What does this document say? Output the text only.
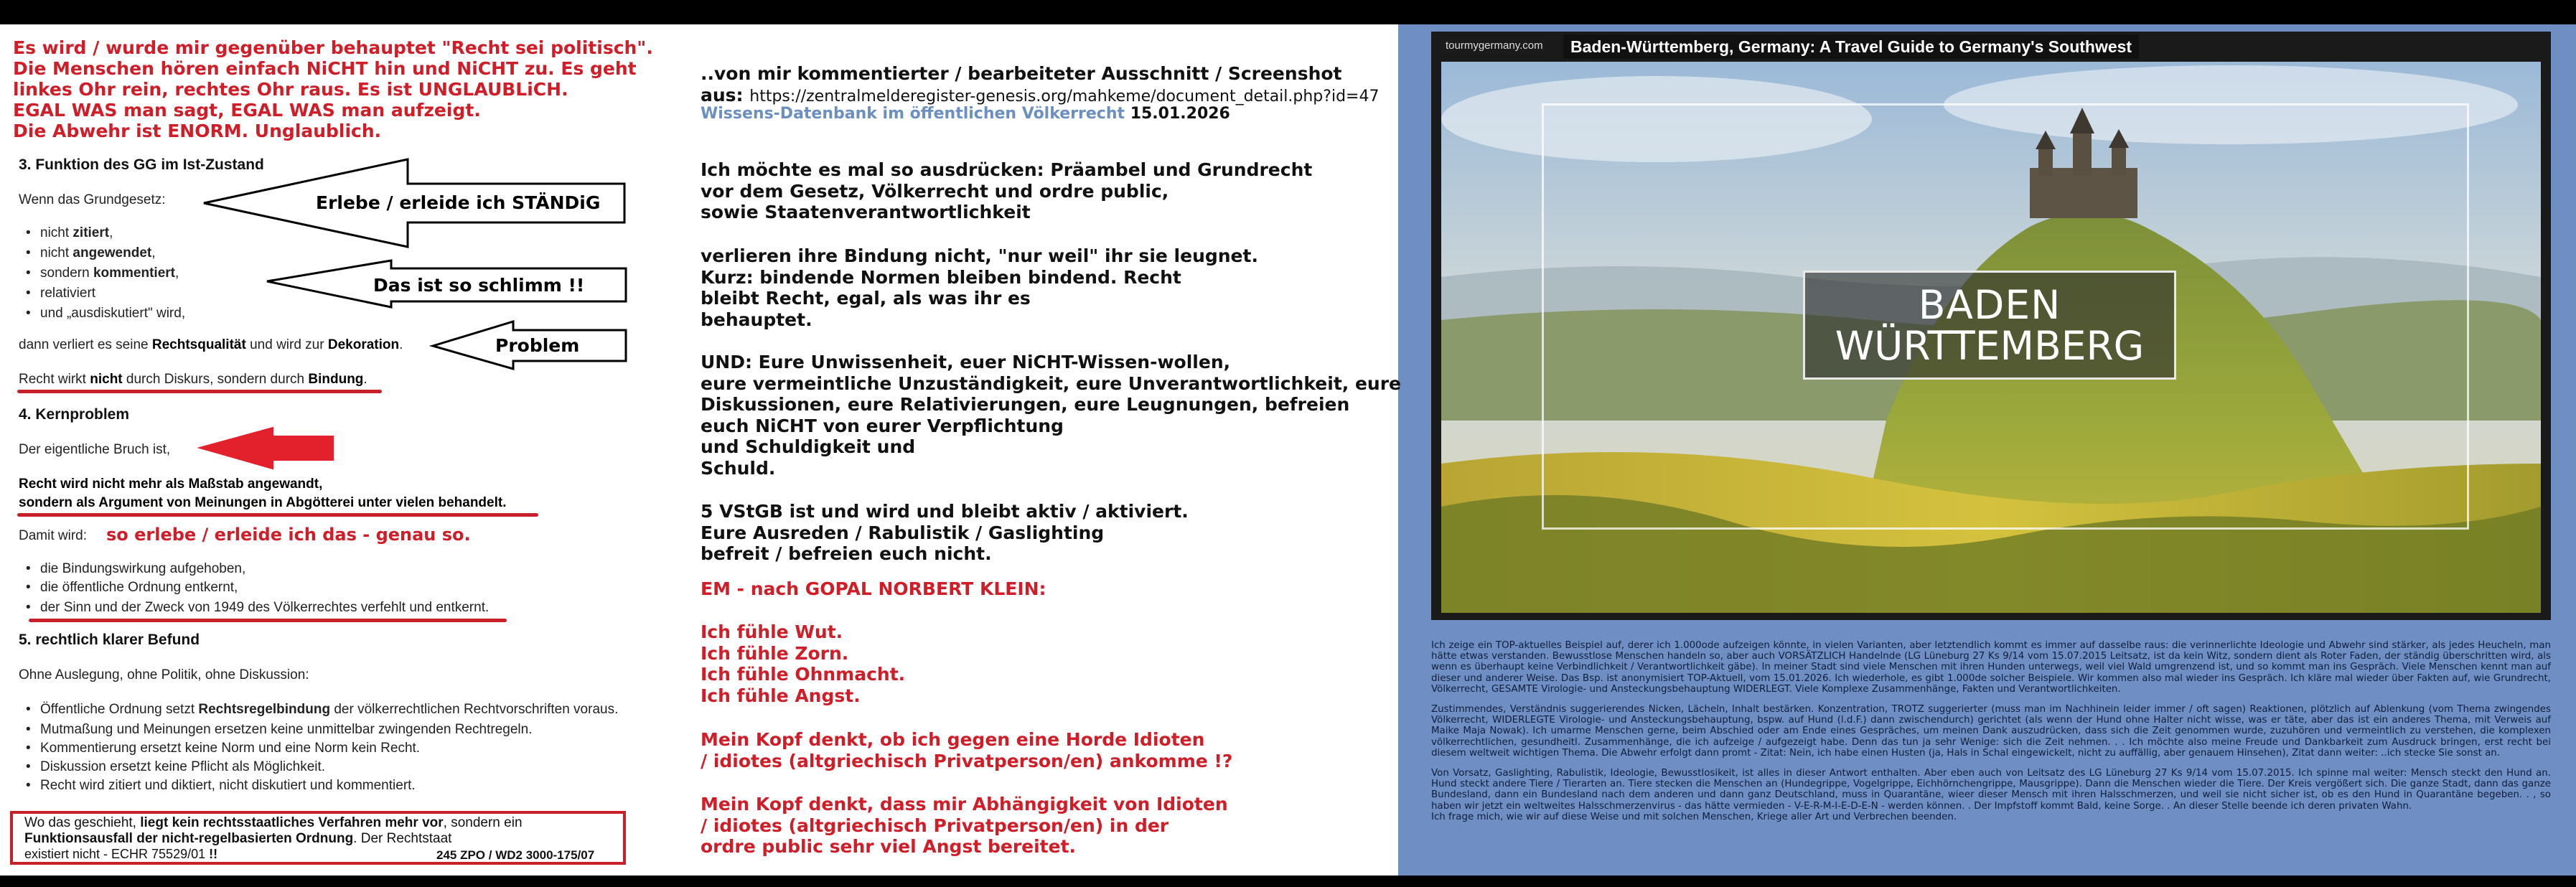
Es wird / wurde mir gegenüber behauptet "Recht sei politisch".
Die Menschen hören einfach NiCHT hin und NiCHT zu. Es geht
linkes Ohr rein, rechtes Ohr raus. Es ist UNGLAUBLiCH.
EGAL WAS man sagt, EGAL WAS man aufzeigt.
Die Abwehr ist ENORM. Unglaublich.
3. Funktion des GG im Ist-Zustand
Wenn das Grundgesetz:
• nicht zitiert,
• nicht angewendet,
• sondern kommentiert,
• relativiert
• und „ausdiskutiert" wird,
dann verliert es seine Rechtsqualität und wird zur Dekoration.
Recht wirkt nicht durch Diskurs, sondern durch Bindung.
Erlebe / erleide ich STÄNDiG
Das ist so schlimm !!
Problem
4. Kernproblem
Der eigentliche Bruch ist,
Recht wird nicht mehr als Maßstab angewandt,
sondern als Argument von Meinungen in Abgötterei unter vielen behandelt.
Damit wird: so erlebe / erleide ich das - genau so.
• die Bindungswirkung aufgehoben,
• die öffentliche Ordnung entkernt,
• der Sinn und der Zweck von 1949 des Völkerrechtes verfehlt und entkernt.
5. rechtlich klarer Befund
Ohne Auslegung, ohne Politik, ohne Diskussion:
• Öffentliche Ordnung setzt Rechtsregelbindung der völkerrechtlichen Rechtvorschriften voraus.
• Mutmaßung und Meinungen ersetzen keine unmittelbar zwingenden Rechtregeln.
• Kommentierung ersetzt keine Norm und eine Norm kein Recht.
• Diskussion ersetzt keine Pflicht als Möglichkeit.
• Recht wird zitiert und diktiert, nicht diskutiert und kommentiert.
Wo das geschieht, liegt kein rechtsstaatliches Verfahren mehr vor, sondern ein
Funktionsausfall der nicht-regelbasierten Ordnung. Der Rechtstaat
existiert nicht - ECHR 75529/01 !!	245 ZPO / WD2 3000-175/07
..von mir kommentierter / bearbeiteter Ausschnitt / Screenshot
aus: https://zentralmelderegister-genesis.org/mahkeme/document_detail.php?id=47
Wissens-Datenbank im öffentlichen Völkerrecht 15.01.2026
Ich möchte es mal so ausdrücken: Präambel und Grundrecht
vor dem Gesetz, Völkerrecht und ordre public,
sowie Staatenverantwortlichkeit
verlieren ihre Bindung nicht, "nur weil" ihr sie leugnet.
Kurz: bindende Normen bleiben bindend. Recht
bleibt Recht, egal, als was ihr es
behauptet.
UND: Eure Unwissenheit, euer NiCHT-Wissen-wollen,
eure vermeintliche Unzuständigkeit, eure Unverantwortlichkeit, eure
Diskussionen, eure Relativierungen, eure Leugnungen, befreien
euch NiCHT von eurer Verpflichtung
und Schuldigkeit und
Schuld.
5 VStGB ist und wird und bleibt aktiv / aktiviert.
Eure Ausreden / Rabulistik / Gaslighting
befreit / befreien euch nicht.
EM - nach GOPAL NORBERT KLEIN:
Ich fühle Wut.
Ich fühle Zorn.
Ich fühle Ohnmacht.
Ich fühle Angst.
Mein Kopf denkt, ob ich gegen eine Horde Idioten
/ idiotes (altgriechisch Privatperson/en) ankomme !?
Mein Kopf denkt, dass mir Abhängigkeit von Idioten
/ idiotes (altgriechisch Privatperson/en) in der
ordre public sehr viel Angst bereitet.
BADEN
WÜRTTEMBERG
tourmygermany.com	Baden-Württemberg, Germany: A Travel Guide to Germany's Southwest

Ich zeige ein TOP-aktuelles Beispiel auf, derer ich 1.000ode aufzeigen könnte, in vielen Varianten, aber letztendlich kommt es immer auf dasselbe raus: die verinnerlichte Ideologie und Abwehr sind stärker, als jedes Heucheln, man hätte etwas verstanden. Bewusstlose Menschen handeln so, aber auch VORSÄTZLICH Handelnde (LG Lüneburg 27 Ks 9/14 vom 15.07.2015 Leitsatz, ist da kein Witz, sondern dient als Roter Faden, der ständig überschritten wird, als wenn es überhaupt keine Verbindlichkeit / Verantwortlichkeit gäbe). In meiner Stadt sind viele Menschen mit ihren Hunden unterwegs, weil viel Wald umgrenzend ist, und so kommt man ins Gespräch. Viele Menschen kennt man auf dieser und anderer Weise. Das Bsp. ist anonymisiert TOP-Aktuell, vom 15.01.2026. Ich wiederhole, es gibt 1.000de solcher Beispiele. Wir kommen also mal wieder ins Gespräch. Ich kläre mal wieder über Fakten auf, wie Grundrecht, Völkerrecht, GESAMTE Virologie- und Ansteckungsbehauptung WIDERLEGT. Viele Komplexe Zusammenhänge, Fakten und Verantwortlichkeiten.

Zustimmendes, Verständnis suggerierendes Nicken, Lächeln, Inhalt bestärken. Konzentration, TROTZ suggerierter (muss man im Nachhinein leider immer / oft sagen) Reaktionen, plötzlich auf Ablenkung (vom Thema zwingendes Völkerrecht, WIDERLEGTE Virologie- und Ansteckungsbehauptung, bspw. auf Hund (l.d.F.) dann zwischendurch) gerichtet (als wenn der Hund ohne Halter nicht wisse, was er täte, aber das ist ein anderes Thema, mit Verweis auf Maike Maja Nowak). Ich umarme Menschen gerne, beim Abschied oder am Ende eines Gespräches, um meinen Dank auszudrücken, dass sich die Zeit genommen wurde, zuzuhören und vermeintlich zu verstehen, die komplexen völkerrechtlichen, gesundheitl. Zusammenhänge, die ich aufzeige / aufgezeigt habe. Denn das tun ja sehr Wenige: sich die Zeit nehmen. . . Ich möchte also meine Freude und Dankbarkeit zum Ausdruck bringen, erst recht bei diesem weltweit wichtigen Thema. Die Abwehr erfolgt dann promt - Zitat: Nein, ich habe einen Husten (ja, Hals in Schal eingewickelt, nicht zu auffällig, aber genauem Hinsehen), Zitat dann weiter: ..ich stecke Sie sonst an.

Von Vorsatz, Gaslighting, Rabulistik, Ideologie, Bewusstlosikeit, ist alles in dieser Antwort enthalten. Aber eben auch von Leitsatz des LG Lüneburg 27 Ks 9/14 vom 15.07.2015. Ich spinne mal weiter: Mensch steckt den Hund an. Hund steckt andere Tiere / Tierarten an. Tiere stecken die Menschen an (Hundegrippe, Vogelgrippe, Eichhörnchengrippe, Mausgrippe). Dann die Menschen wieder die Tiere. Der Kreis vergößert sich. Die ganze Stadt, dann das ganze Bundesland, dann ein Bundesland nach dem anderen und dann ganz Deutschland, muss in Quarantäne, wieer dieser Mensch mit ihren Halsschmerzen, und weil sie nicht sicher ist, ob es den Hund in Quarantäne begeben. . , so haben wir jetzt ein weltweites Halsschmerzenvirus - das hätte vermieden - V-E-R-M-I-E-D-E-N - werden können. . Der Impfstoff kommt Bald, keine Sorge. . An dieser Stelle beende ich deren privaten Wahn.

Ich frage mich, wie wir auf diese Weise und mit solchen Menschen, Kriege aller Art und Verbrechen beenden.
